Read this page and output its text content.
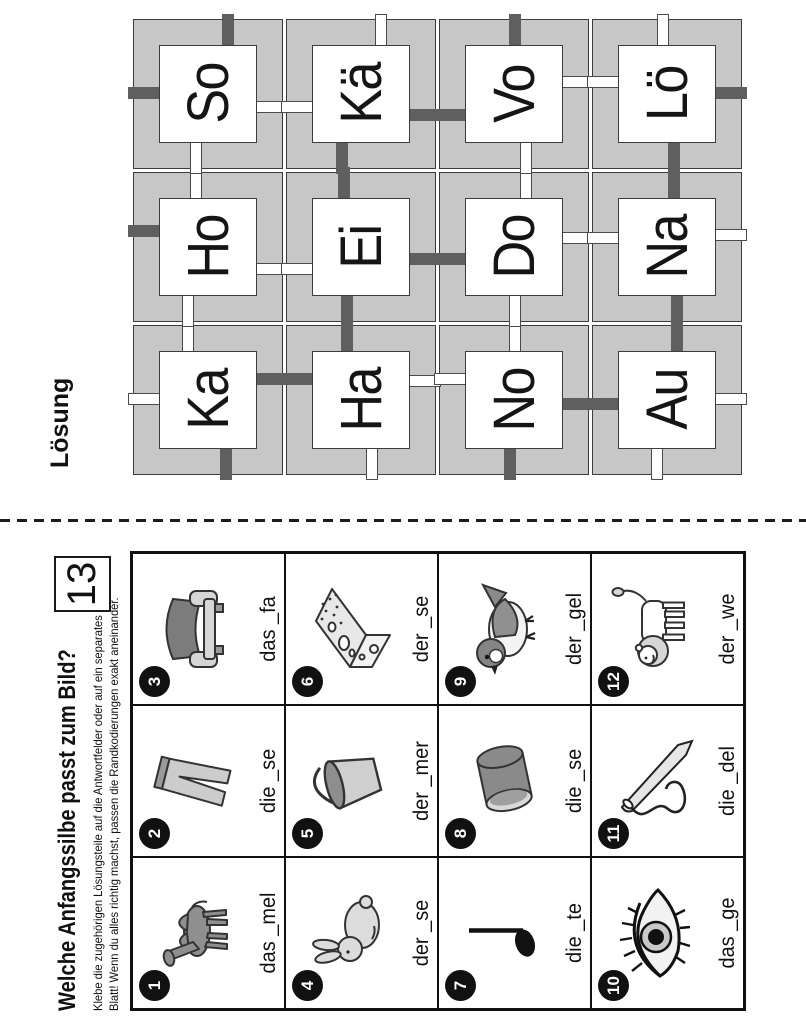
Welche Anfangssilbe passt zum Bild?
13

Klebe die zugehörigen Lösungsteile auf die Antwortfelder oder auf ein separates Blatt! Wenn du alles richtig machst, passen die Randkodierungen exakt aneinander.	1
das _mel
2
die _se
3
das _fa
4
der _se
5
der _mer
6
der _se
7
die _te
8
die _se
9
der _gel
10
das _ge
11
die _del
12
der _we
Lösung Ka
Ho
So
Ha
Ei
Kä
No
Do
Vo
Au
Na
Lö
